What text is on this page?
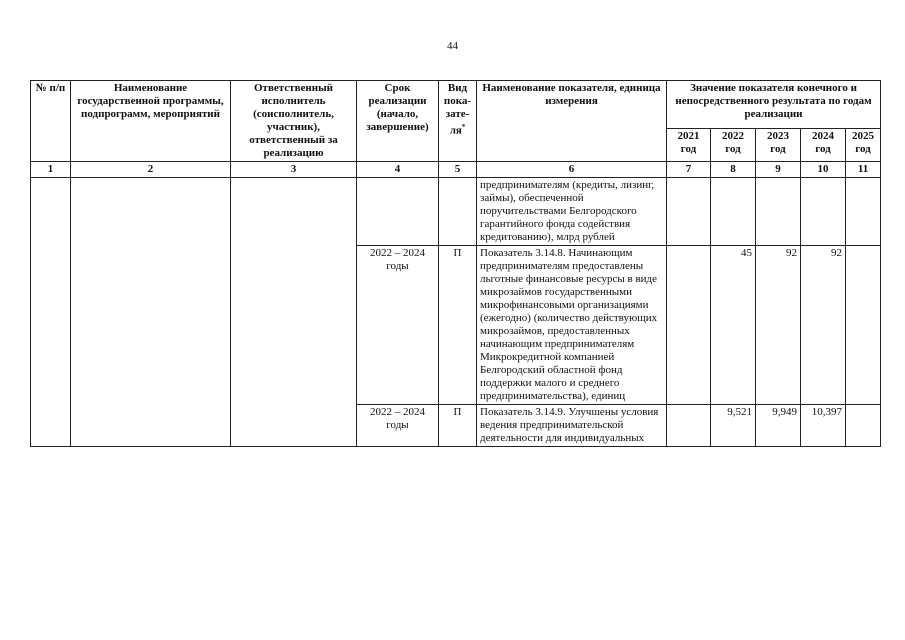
44
№ п/п	Наименование государственной программы, подпрограмм, мероприятий	Ответственный исполнитель (соисполнитель, участник), ответственный за реализацию	Срок реализации (начало, завершение)	Вид пока-зате-ля*	Наименование показателя, единица измерения	Значение показателя конечного и непосредственного результата по годам реализации				
						2021 год	2022 год	2023 год	2024 год	2025 год
1	2	3	4	5	6	7	8	9	10	11
					предпринимателям (кредиты, лизинг, займы), обеспеченной поручительствами Белгородского гарантийного фонда содействия кредитованию), млрд рублей					
			2022 – 2024 годы	П	Показатель 3.14.8. Начинающим предпринимателям предоставлены льготные финансовые ресурсы в виде микрозаймов государственными микрофинансовыми организациями (ежегодно) (количество действующих микрозаймов, предоставленных начинающим предпринимателям Микрокредитной компанией Белгородский областной фонд поддержки малого и среднего предпринимательства), единиц		45	92	92	
			2022 – 2024 годы	П	Показатель 3.14.9. Улучшены условия ведения предпринимательской деятельности для индивидуальных		9,521	9,949	10,397	
